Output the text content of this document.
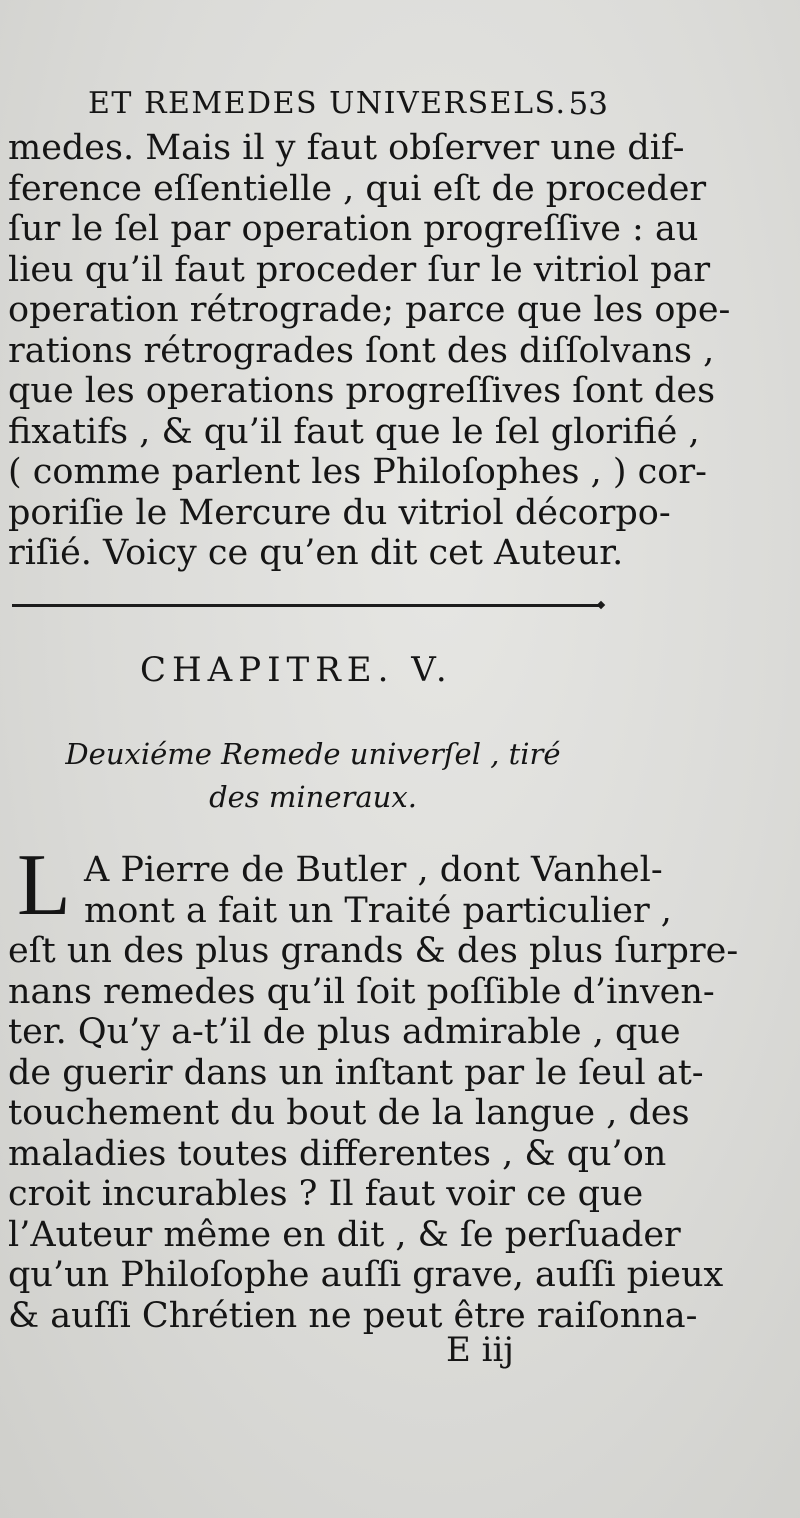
ET REMEDES UNIVERSELS. 53
medes. Mais il y faut obſerver une dif-
ference eſſentielle , qui eſt de proceder
ſur le ſel par operation progreſſive : au
lieu qu’il faut proceder ſur le vitriol par
operation rétrograde; parce que les ope-
rations rétrogrades ſont des diſſolvans ,
que les operations progreſſives ſont des
fixatifs , & qu’il faut que le ſel glorifié ,
( comme parlent les Philoſophes , ) cor-
poriſie le Mercure du vitriol décorpo-
riſié. Voicy ce qu’en dit cet Auteur.
CHAPITRE. V.
Deuxiéme Remede univerſel , tiré
des mineraux.
L A Pierre de Butler , dont Vanhel-
mont a fait un Traité particulier ,
eſt un des plus grands & des plus ſurpre-
nans remedes qu’il ſoit poſſible d’inven-
ter. Qu’y a-t’il de plus admirable , que
de guerir dans un inſtant par le ſeul at-
touchement du bout de la langue , des
maladies toutes differentes , & qu’on
croit incurables ? Il faut voir ce que
l’Auteur même en dit , & ſe perſuader
qu’un Philoſophe auſſi grave, auſſi pieux
& auſſi Chrétien ne peut être raiſonna-
E iij
